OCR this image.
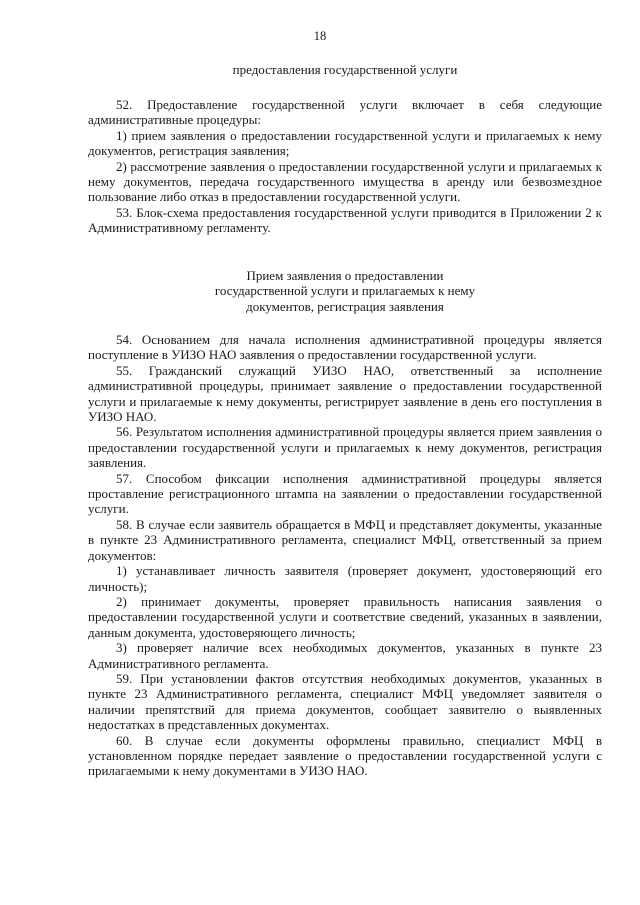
18
предоставления государственной услуги

52. Предоставление государственной услуги включает в себя следующие административные процедуры:

1) прием заявления о предоставлении государственной услуги и прилагаемых к нему документов, регистрация заявления;

2) рассмотрение заявления о предоставлении государственной услуги и прилагаемых к нему документов, передача государственного имущества в аренду или безвозмездное пользование либо отказ в предоставлении государственной услуги.

53. Блок-схема предоставления государственной услуги приводится в Приложении 2 к Административному регламенту.

Прием заявления о предоставлении
государственной услуги и прилагаемых к нему
документов, регистрация заявления

54. Основанием для начала исполнения административной процедуры является поступление в УИЗО НАО заявления о предоставлении государственной услуги.

55. Гражданский служащий УИЗО НАО, ответственный за исполнение административной процедуры, принимает заявление о предоставлении государственной услуги и прилагаемые к нему документы, регистрирует заявление в день его поступления в УИЗО НАО.

56. Результатом исполнения административной процедуры является прием заявления о предоставлении государственной услуги и прилагаемых к нему документов, регистрация заявления.

57. Способом фиксации исполнения административной процедуры является проставление регистрационного штампа на заявлении о предоставлении государственной услуги.

58. В случае если заявитель обращается в МФЦ и представляет документы, указанные в пункте 23 Административного регламента, специалист МФЦ, ответственный за прием документов:

1) устанавливает личность заявителя (проверяет документ, удостоверяющий его личность);

2) принимает документы, проверяет правильность написания заявления о предоставлении государственной услуги и соответствие сведений, указанных в заявлении, данным документа, удостоверяющего личность;

3) проверяет наличие всех необходимых документов, указанных в пункте 23 Административного регламента.

59. При установлении фактов отсутствия необходимых документов, указанных в пункте 23 Административного регламента, специалист МФЦ уведомляет заявителя о наличии препятствий для приема документов, сообщает заявителю о выявленных недостатках в представленных документах.

60. В случае если документы оформлены правильно, специалист МФЦ в установленном порядке передает заявление о предоставлении государственной услуги с прилагаемыми к нему документами в УИЗО НАО.
